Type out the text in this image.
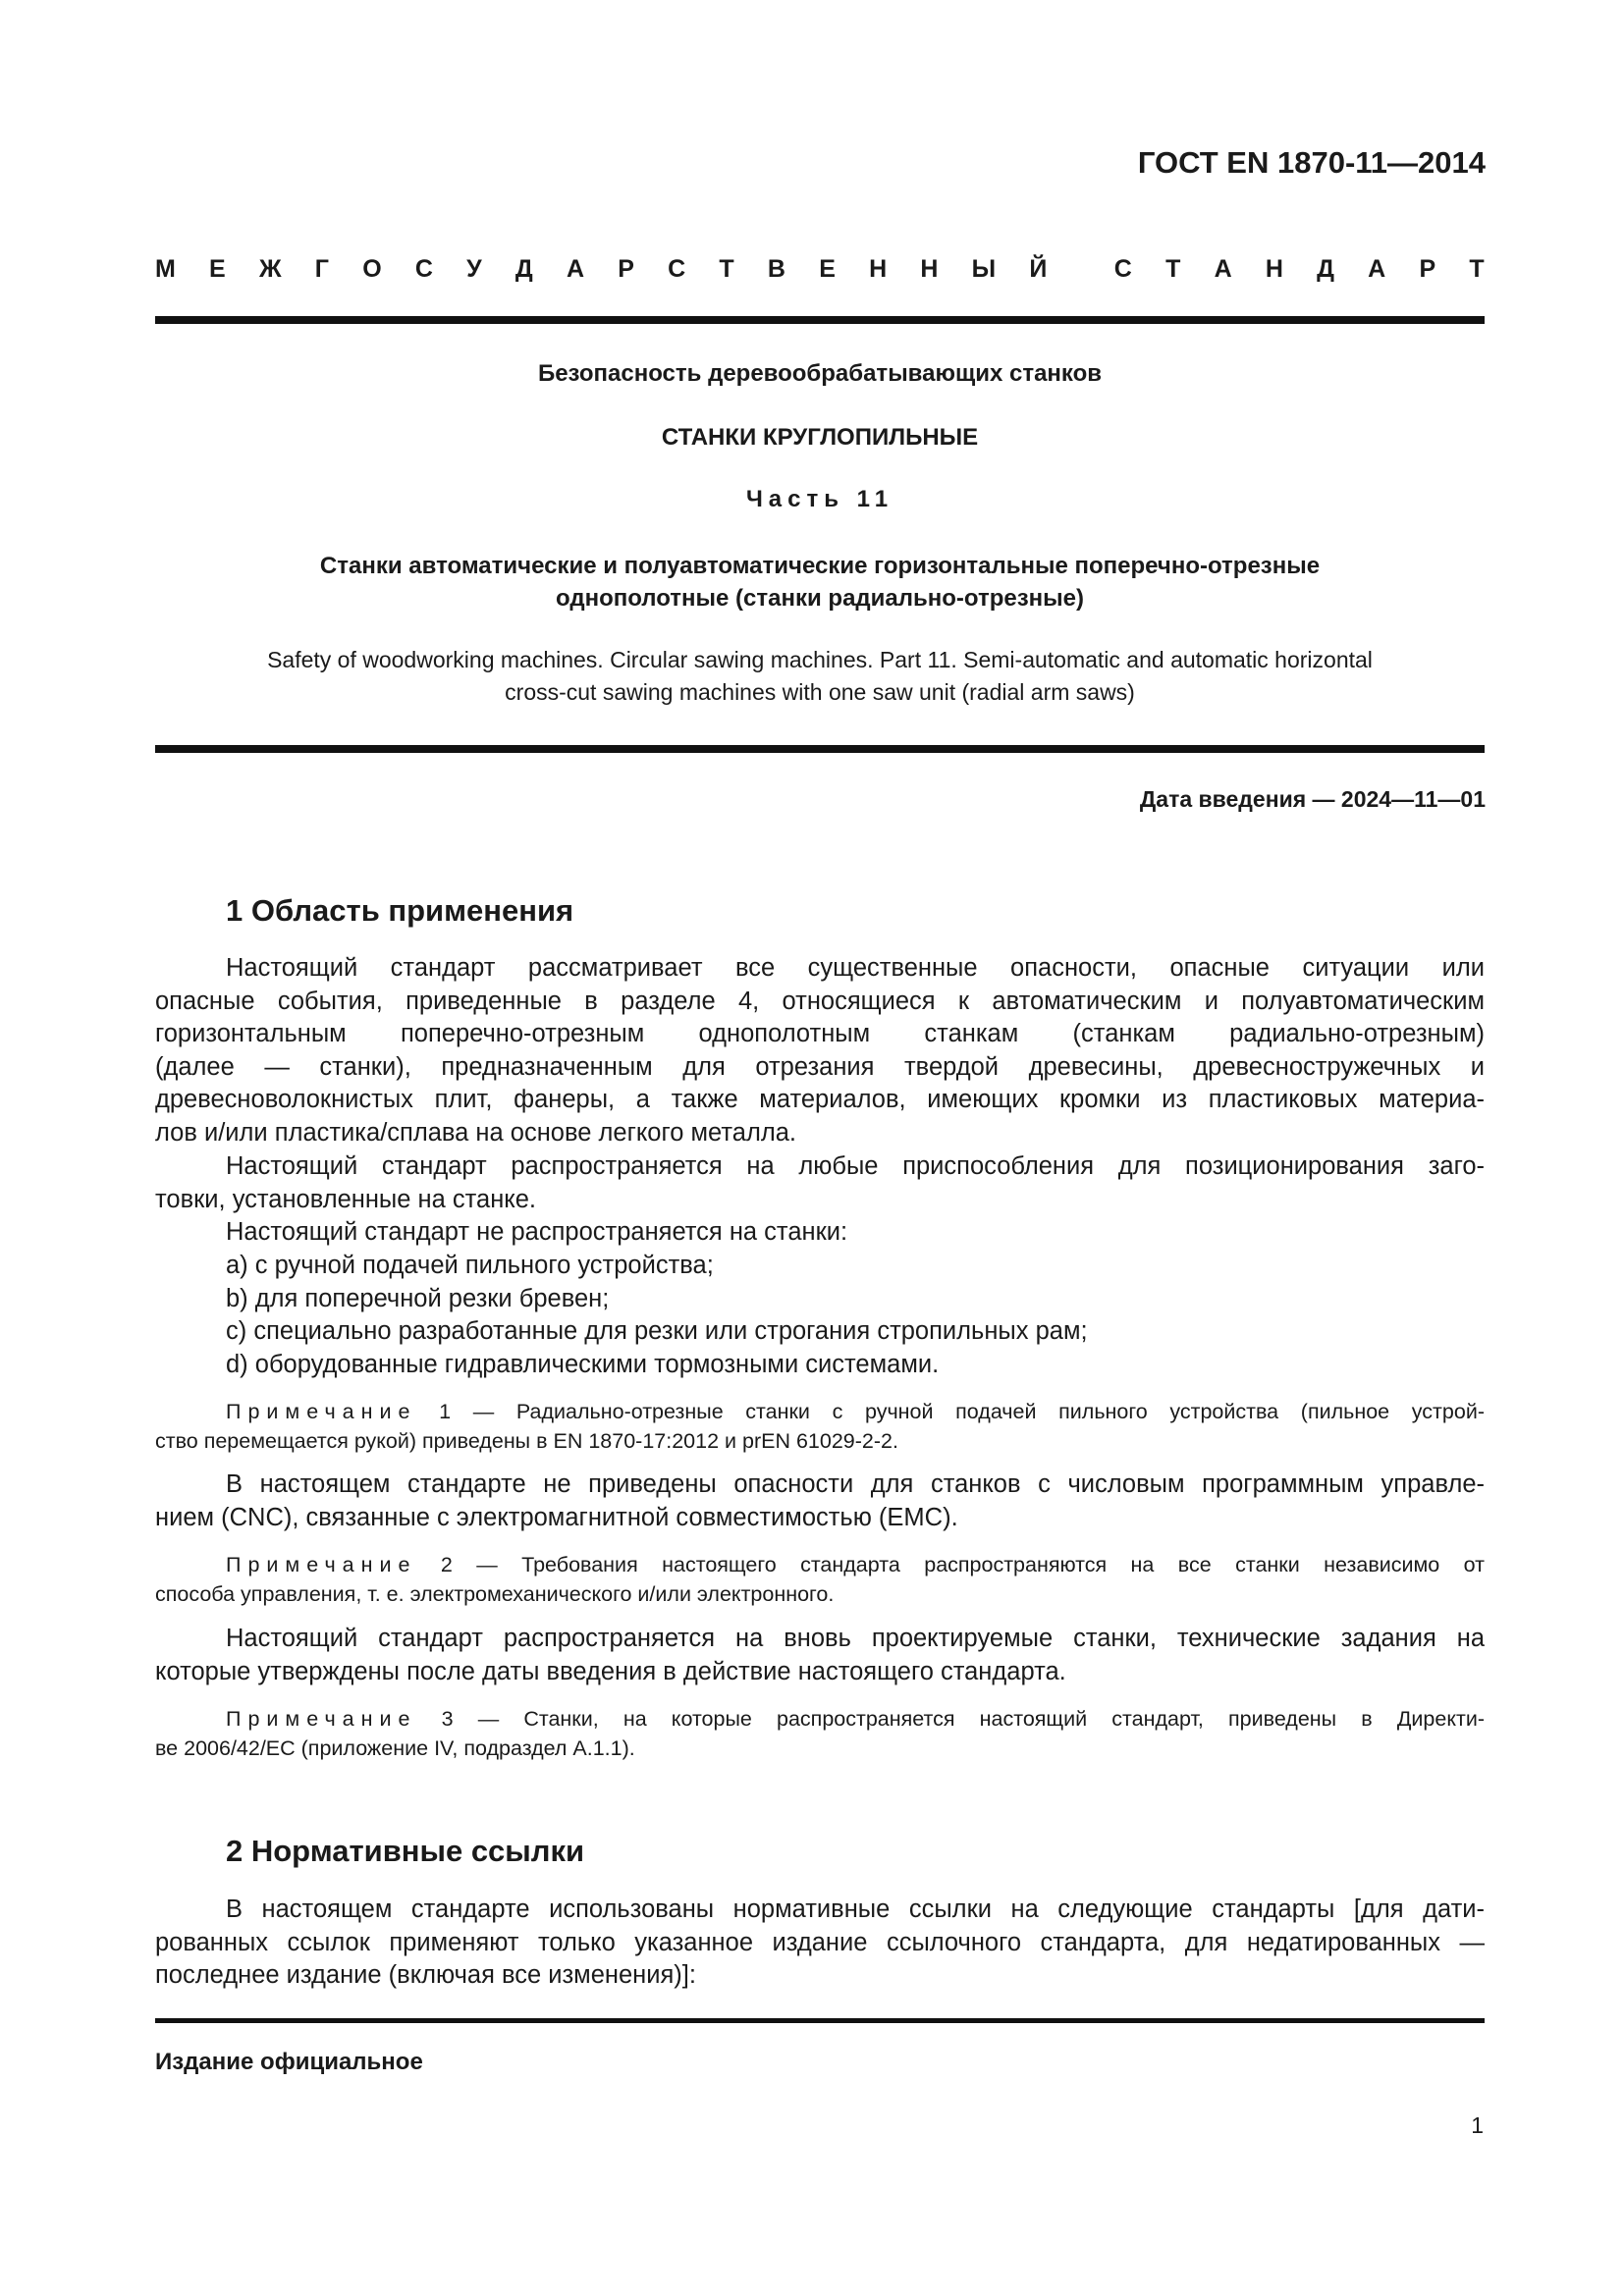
ГОСТ EN 1870-11—2014
М Е Ж Г О С У Д А Р С Т В Е Н Н Ы Й	С Т А Н Д А Р Т
Безопасность деревообрабатывающих станков
СТАНКИ КРУГЛОПИЛЬНЫЕ
Часть 11
Станки автоматические и полуавтоматические горизонтальные поперечно-отрезные
однополотные (станки радиально-отрезные)
Safety of woodworking machines. Circular sawing machines. Part 11. Semi-automatic and automatic horizontal
cross-cut sawing machines with one saw unit (radial arm saws)
Дата введения — 2024—11—01
1 Область применения
Настоящий стандарт рассматривает все существенные опасности, опасные ситуации или
опасные события, приведенные в разделе 4, относящиеся к автоматическим и полуавтоматическим
горизонтальным поперечно-отрезным однополотным станкам (станкам радиально-отрезным)
(далее — станки), предназначенным для отрезания твердой древесины, древесностружечных и
древесноволокнистых плит, фанеры, а также материалов, имеющих кромки из пластиковых материа-
лов и/или пластика/сплава на основе легкого металла.
Настоящий стандарт распространяется на любые приспособления для позиционирования заго-
товки, установленные на станке.
Настоящий стандарт не распространяется на станки:
a) с ручной подачей пильного устройства;
b) для поперечной резки бревен;
c) специально разработанные для резки или строгания стропильных рам;
d) оборудованные гидравлическими тормозными системами.
Примечание 1 — Радиально-отрезные станки с ручной подачей пильного устройства (пильное устрой-
ство перемещается рукой) приведены в EN 1870-17:2012 и prEN 61029-2-2.
В настоящем стандарте не приведены опасности для станков с числовым программным управле-
нием (CNC), связанные с электромагнитной совместимостью (EMC).
Примечание 2 — Требования настоящего стандарта распространяются на все станки независимо от
способа управления, т. е. электромеханического и/или электронного.
Настоящий стандарт распространяется на вновь проектируемые станки, технические задания на
которые утверждены после даты введения в действие настоящего стандарта.
Примечание 3 — Станки, на которые распространяется настоящий стандарт, приведены в Директи-
ве 2006/42/EC (приложение IV, подраздел A.1.1).
2 Нормативные ссылки
В настоящем стандарте использованы нормативные ссылки на следующие стандарты [для дати-
рованных ссылок применяют только указанное издание ссылочного стандарта, для недатированных —
последнее издание (включая все изменения)]:
Издание официальное
1
